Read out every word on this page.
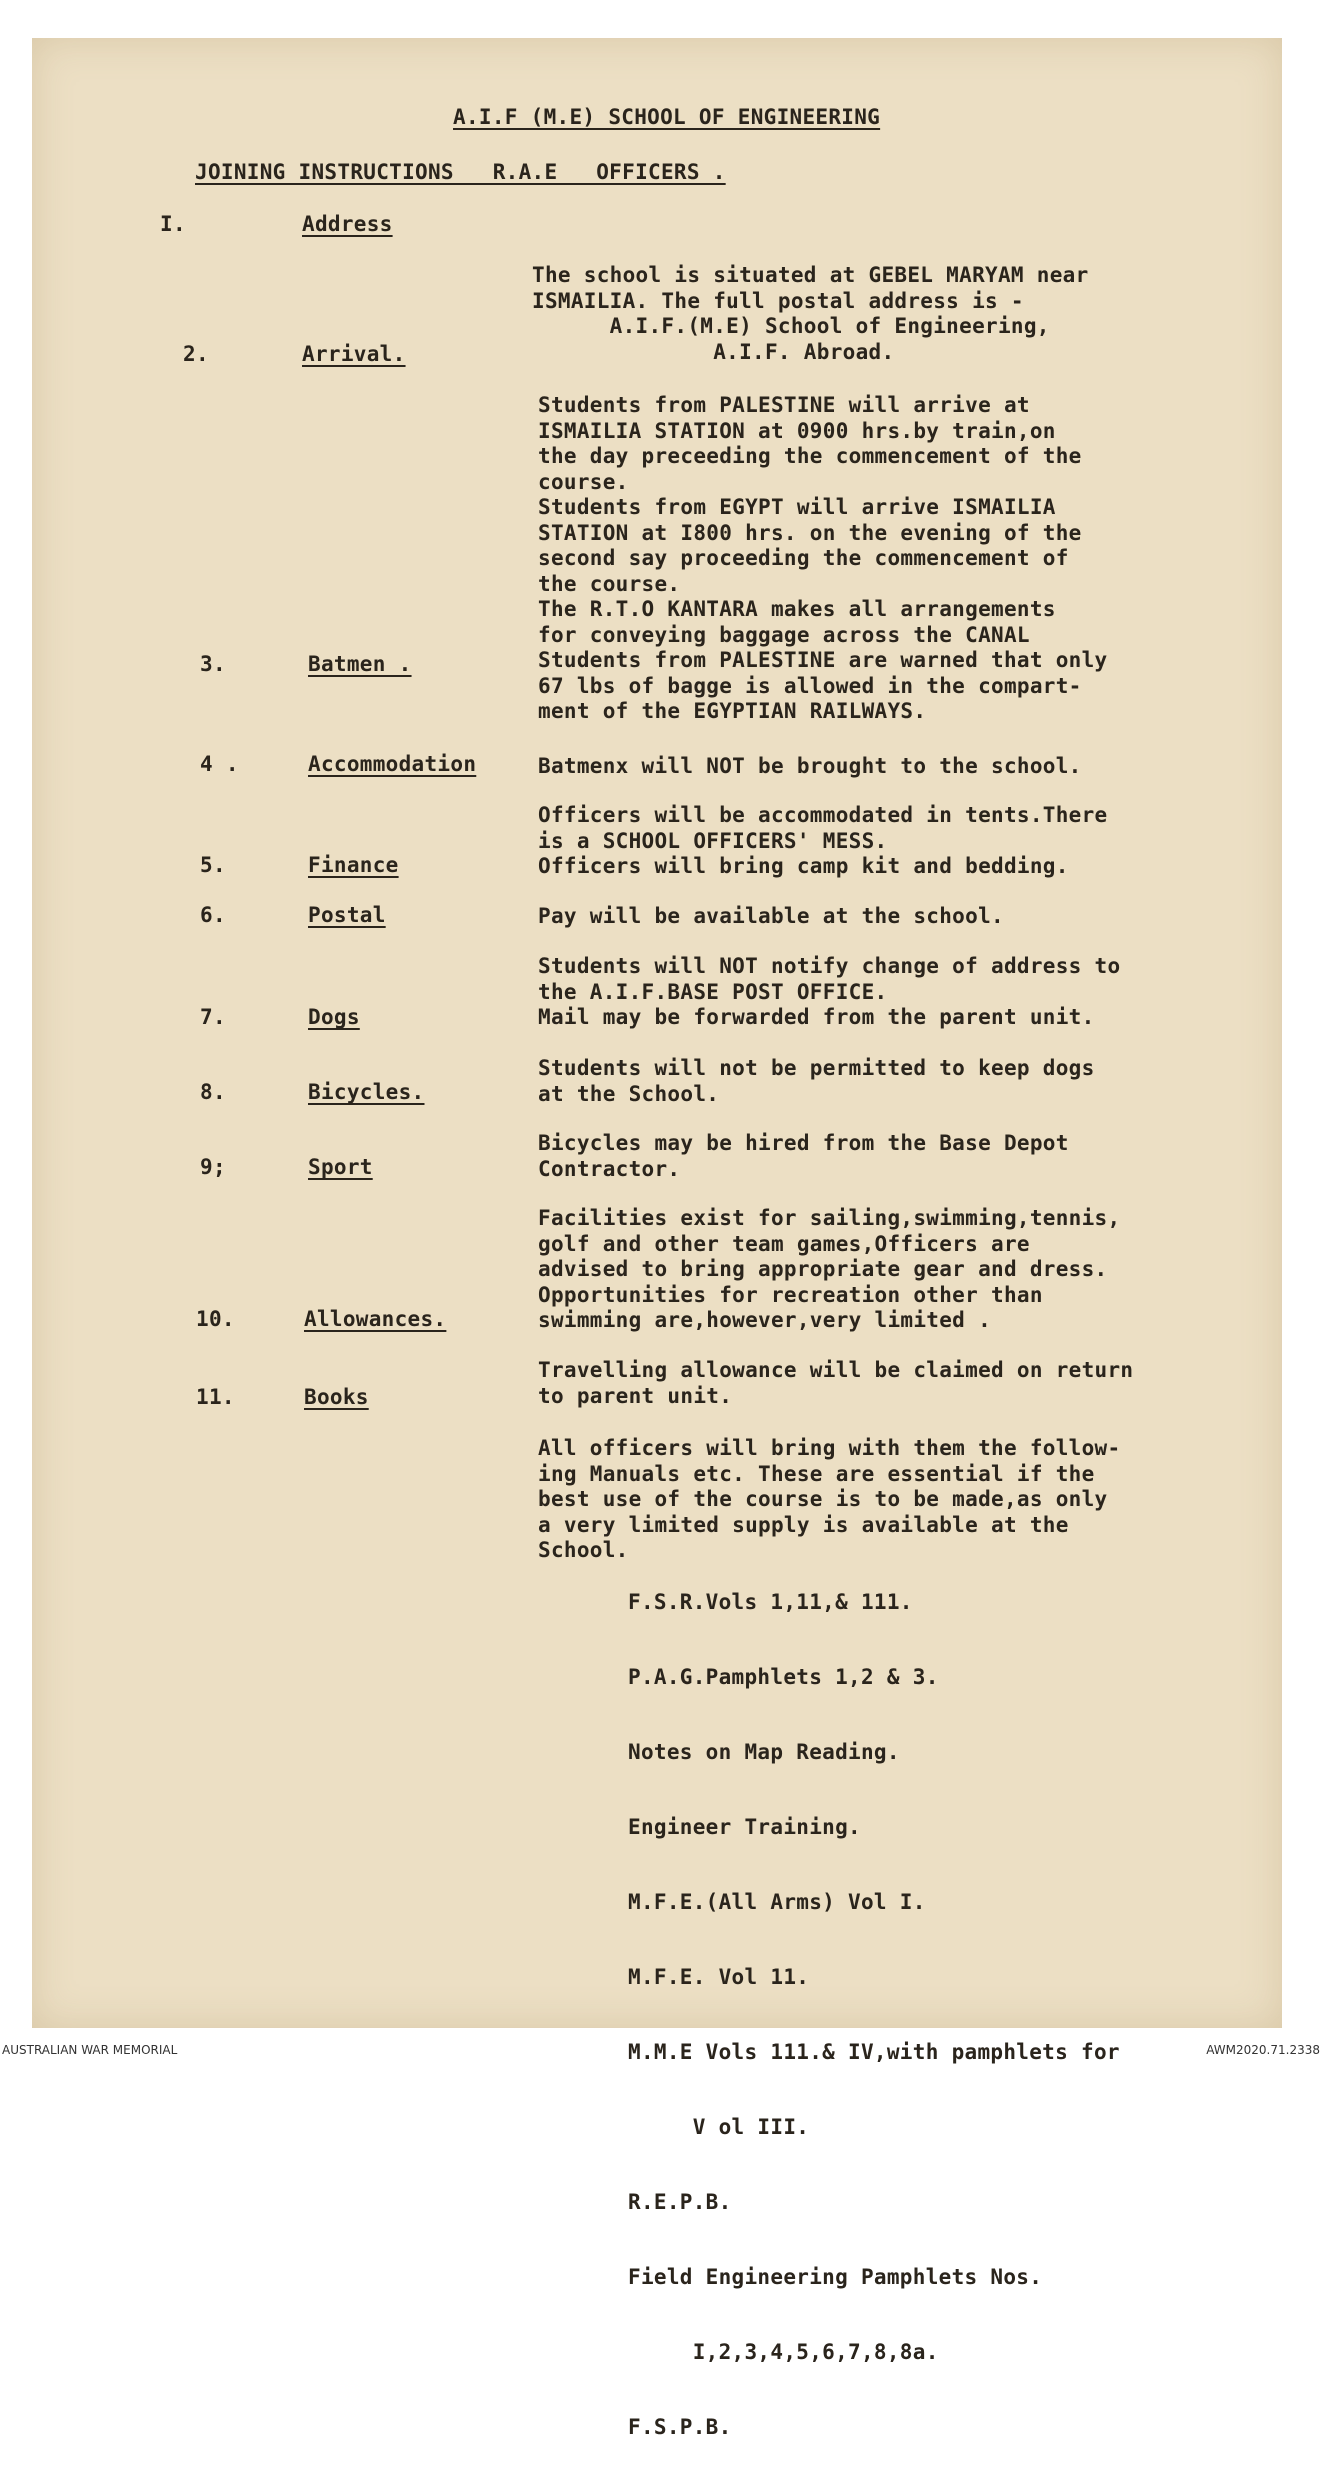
A.I.F (M.E) SCHOOL OF ENGINEERING
JOINING INSTRUCTIONS   R.A.E   OFFICERS .
I.	Address

The school is situated at GEBEL MARYAM near
ISMAILIA. The full postal address is -
A.I.F.(M.E) School of Engineering,
A.I.F. Abroad.

2.	Arrival.

Students from PALESTINE will arrive at
ISMAILIA STATION at 0900 hrs.by train,on
the day preceeding the commencement of the
course.
Students from EGYPT will arrive ISMAILIA
STATION at I800 hrs. on the evening of the
second say proceeding the commencement of
the course.
The R.T.O KANTARA makes all arrangements
for conveying baggage across the CANAL
Students from PALESTINE are warned that only
67 lbs of bagge is allowed in the compart-
ment of the EGYPTIAN RAILWAYS.

3.	Batmen .

Batmenx will NOT be brought to the school.

4 .	Accommodation

Officers will be accommodated in tents.There
is a SCHOOL OFFICERS' MESS.
Officers will bring camp kit and bedding.

5.	Finance

Pay will be available at the school.

6.	Postal

Students will NOT notify change of address to
the A.I.F.BASE POST OFFICE.
Mail may be forwarded from the parent unit.

7.	Dogs

Students will not be permitted to keep dogs
at the School.

8.	Bicycles.

Bicycles may be hired from the Base Depot
Contractor.

9;	Sport

Facilities exist for sailing,swimming,tennis,
golf and other team games,Officers are
advised to bring appropriate gear and dress.
Opportunities for recreation other than
swimming are,however,very limited .

10.	Allowances.

Travelling allowance will be claimed on return
to parent unit.

11.	Books

All officers will bring with them the follow-
ing Manuals etc. These are essential if the
best use of the course is to be made,as only
a very limited supply is available at the
School.

F.S.R.Vols 1,11,& 111.

P.A.G.Pamphlets 1,2 & 3.

Notes on Map Reading.

Engineer Training.

M.F.E.(All Arms) Vol I.

M.F.E. Vol 11.

M.M.E Vols 111.& IV,with pamphlets for

V ol III.

R.E.P.B.

Field Engineering Pamphlets Nos.

I,2,3,4,5,6,7,8,8a.

F.S.P.B.

AUSTRALIAN WAR MEMORIAL	AWM2020.71.2338
